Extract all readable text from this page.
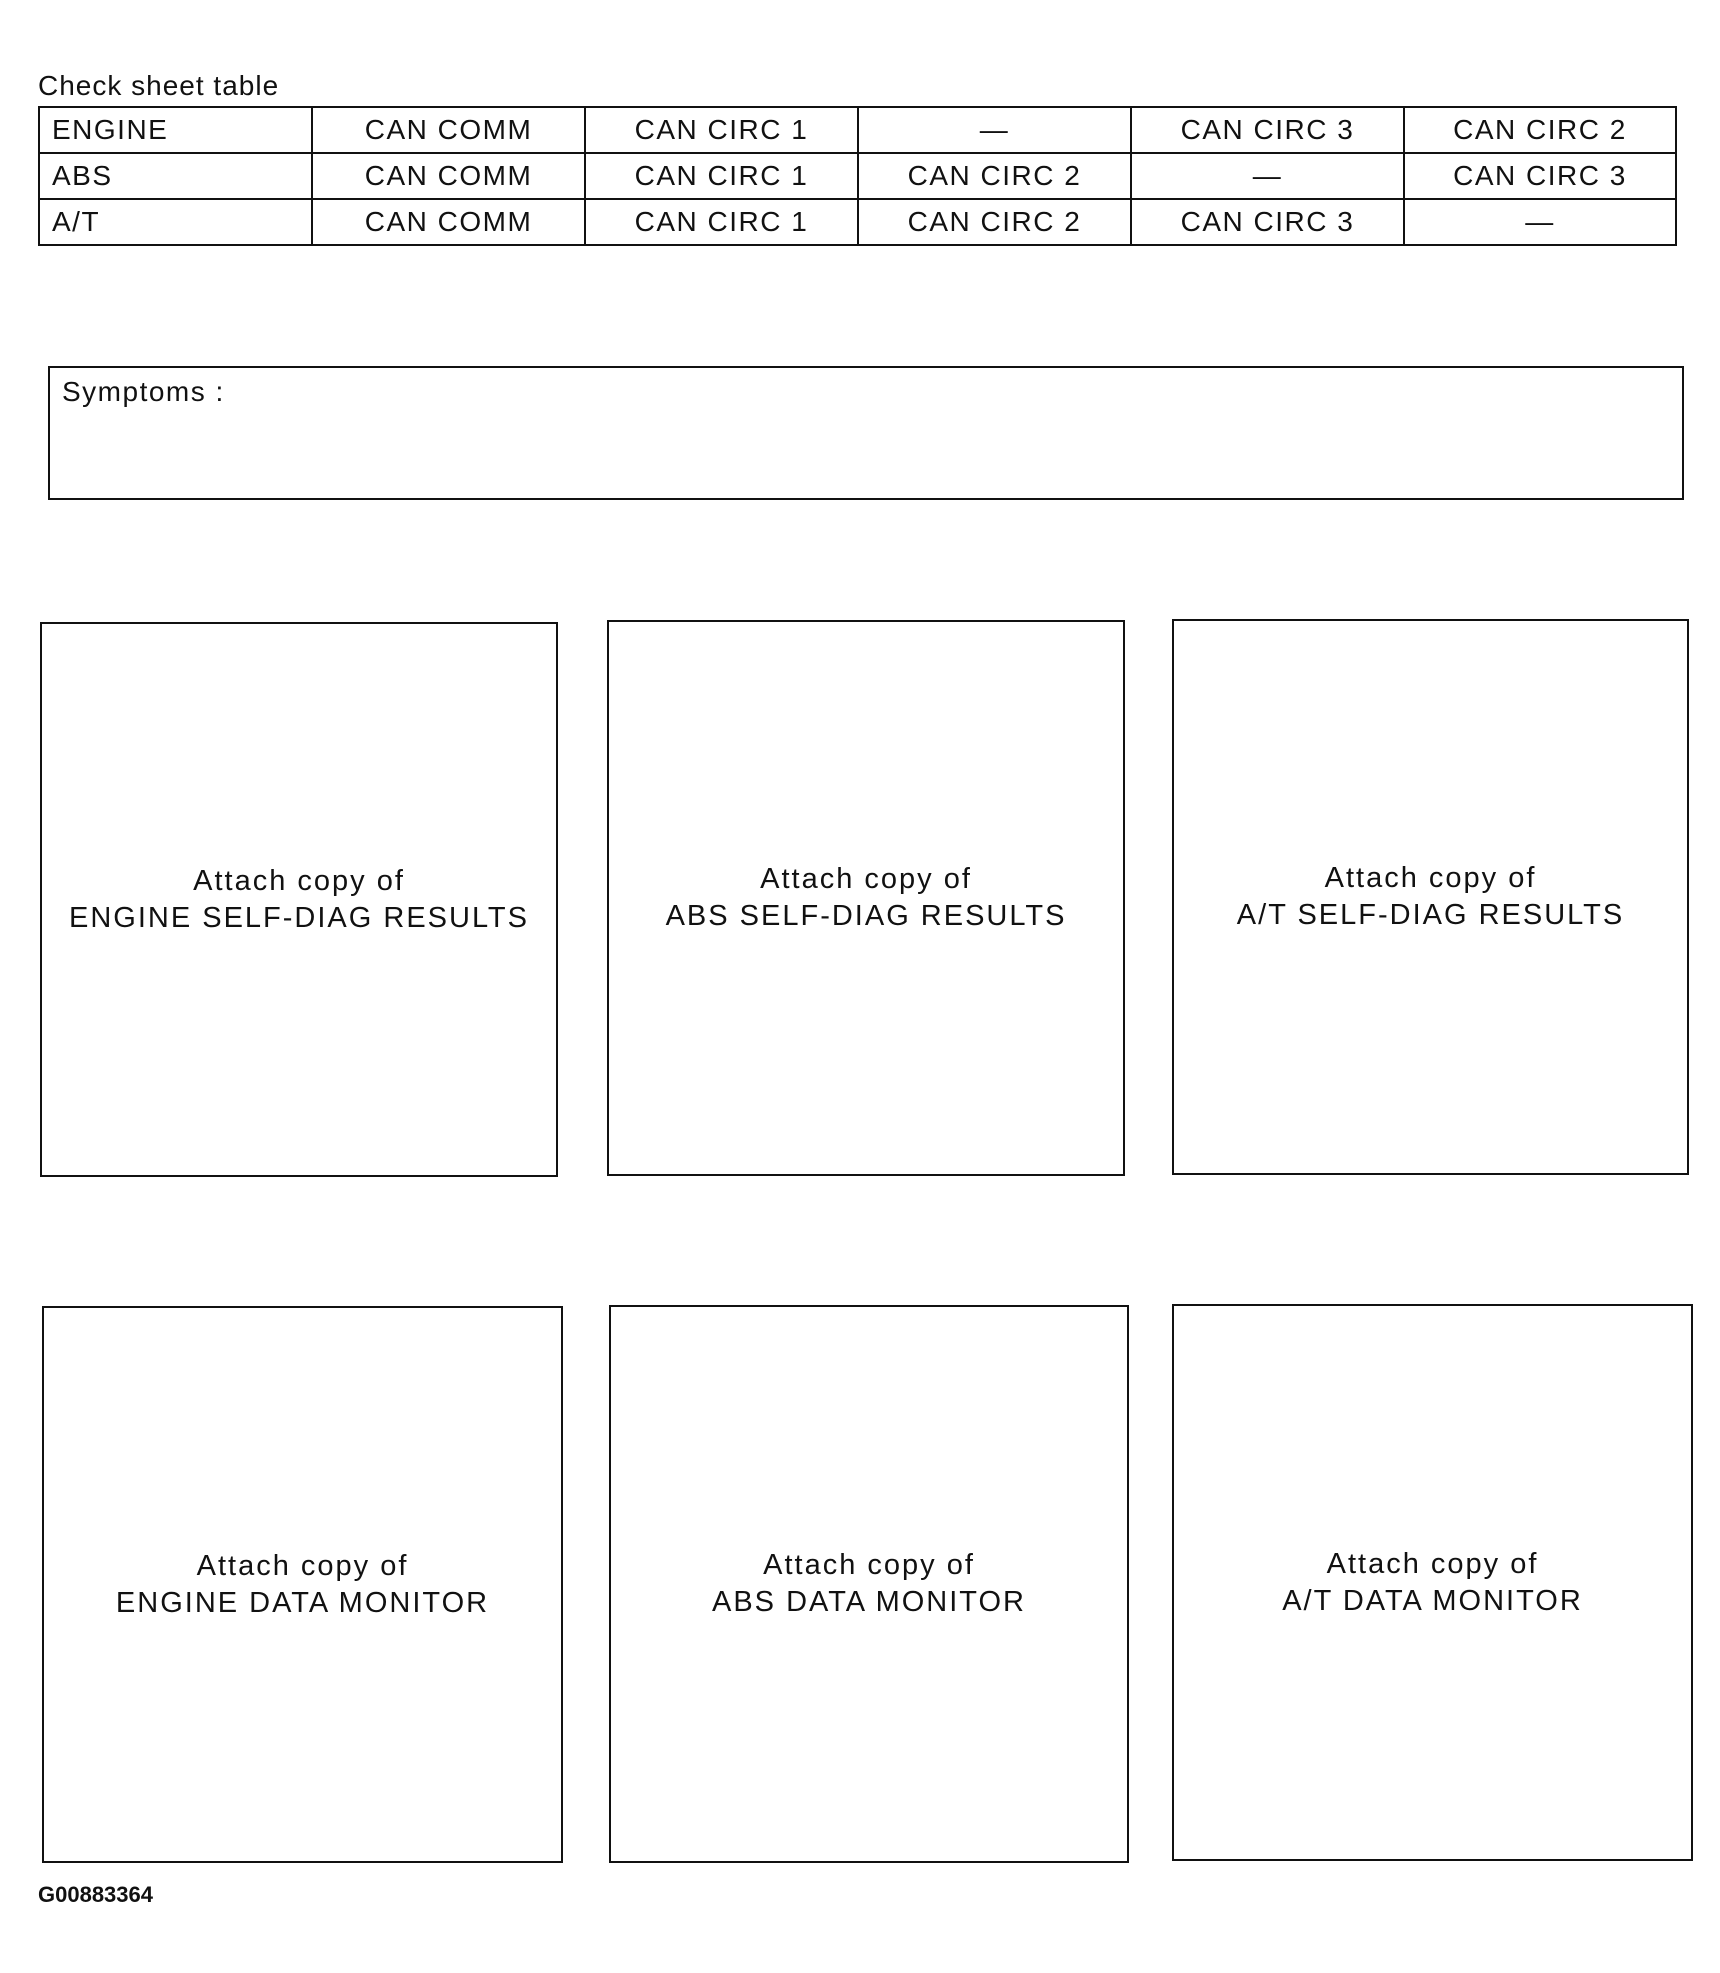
Check sheet table
ENGINE	CAN COMM	CAN CIRC 1	—	CAN CIRC 3	CAN CIRC 2
ABS	CAN COMM	CAN CIRC 1	CAN CIRC 2	—	CAN CIRC 3
A/T	CAN COMM	CAN CIRC 1	CAN CIRC 2	CAN CIRC 3	—
Symptoms :
Attach copy of
ENGINE SELF-DIAG RESULTS
Attach copy of
ABS SELF-DIAG RESULTS
Attach copy of
A/T SELF-DIAG RESULTS
Attach copy of
ENGINE DATA MONITOR
Attach copy of
ABS DATA MONITOR
Attach copy of
A/T DATA MONITOR
G00883364
